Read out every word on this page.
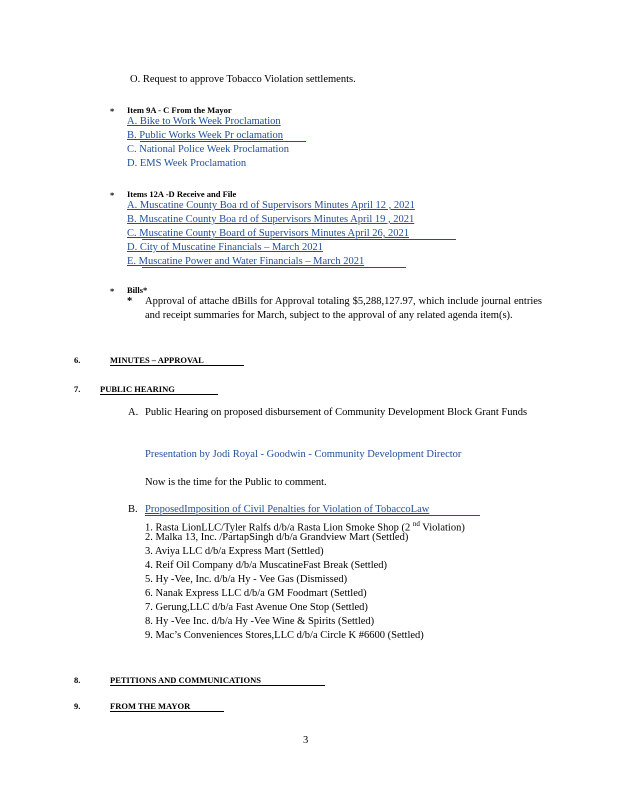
O. Request to approve Tobacco Violation settlements.
* Item 9A - C From the Mayor
A. Bike to Work Week Proclamation
B. Public Works Week Pr oclamation
C. National Police Week Proclamation
D. EMS Week Proclamation
* Items 12A -D Receive and File
A. Muscatine County Boa rd of Supervisors Minutes April 12 , 2021
B. Muscatine County Boa rd of Supervisors Minutes April 19 , 2021
C. Muscatine County Board of Supervisors Minutes April 26, 2021
D. City of Muscatine Financials – March 2021
E. Muscatine Power and Water Financials – March 2021
* Bills*
* Approval of attache dBills for Approval totaling $5,288,127.97, which include journal entries and receipt summaries for March, subject to the approval of any related agenda item(s).
6.	MINUTES – APPROVAL
7. PUBLIC HEARING
A. Public Hearing on proposed disbursement of Community Development Block Grant Funds
Presentation by Jodi Royal - Goodwin - Community Development Director
Now is the time for the Public to comment.
B. ProposedImposition of Civil Penalties for Violation of TobaccoLaw
1. Rasta LionLLC/Tyler Ralfs d/b/a Rasta Lion Smoke Shop (2 $^{nd}$ Violation)
2. Malka 13, Inc. /PartapSingh d/b/a Grandview Mart (Settled)
3. Aviya LLC d/b/a Express Mart (Settled)
4. Reif Oil Company d/b/a MuscatineFast Break (Settled)
5. Hy -Vee, Inc. d/b/a Hy - Vee Gas (Dismissed)
6. Nanak Express LLC d/b/a GM Foodmart (Settled)
7. Gerung,LLC d/b/a Fast Avenue One Stop (Settled)
8. Hy -Vee Inc. d/b/a Hy -Vee Wine & Spirits (Settled)
9. Mac’s Conveniences Stores,LLC d/b/a Circle K #6600 (Settled)
8.	PETITIONS AND COMMUNICATIONS
9.	FROM THE MAYOR
3
